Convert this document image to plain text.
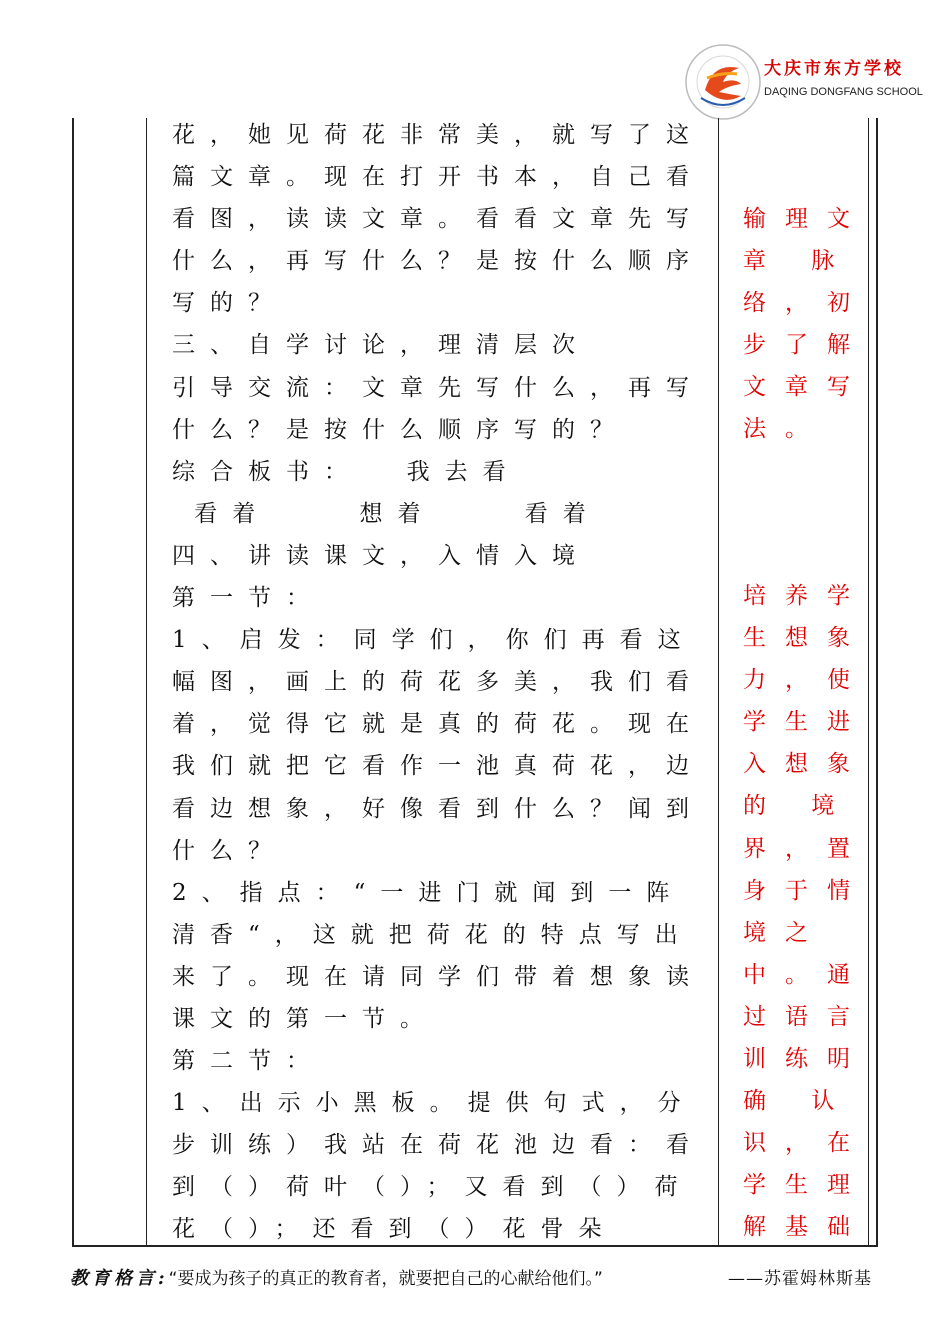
大庆市东方学校
DAQING DONGFANG SCHOOL
花，她见荷花非常美，就写了这
篇文章。现在打开书本，自己看
看图，读读文章。看看文章先写
什么，再写什么？是按什么顺序
写的？
三、自学讨论，理清层次
引导交流：文章先写什么，再写
什么？是按什么顺序写的？
综合板书：  我去看
看着    想着    看着
四、讲读课文，入情入境
第一节：
1、启发：同学们，你们再看这
幅图，画上的荷花多美，我们看
着，觉得它就是真的荷花。现在
我们就把它看作一池真荷花，边
看边想象，好像看到什么？闻到
什么？
2、指点：“一进门就闻到一阵
清香“，这就把荷花的特点写出
来了。现在请同学们带着想象读
课文的第一节。
第二节：
1、出示小黑板。提供句式，分
步训练）我站在荷花池边看：看
到（）荷叶（）；又看到（）荷
花（）；还看到（）花骨朵
输理文
章 脉
络，初
步了解
文章写
法。
培养学
生想象
力，使
学生进
入想象
的 境
界，置
身于情
境之
中。通
过语言
训练明
确 认
识，在
学生理
解基础
教育格言:“要成为孩子的真正的教育者，就要把自己的心献给他们。”	——苏霍姆林斯基
